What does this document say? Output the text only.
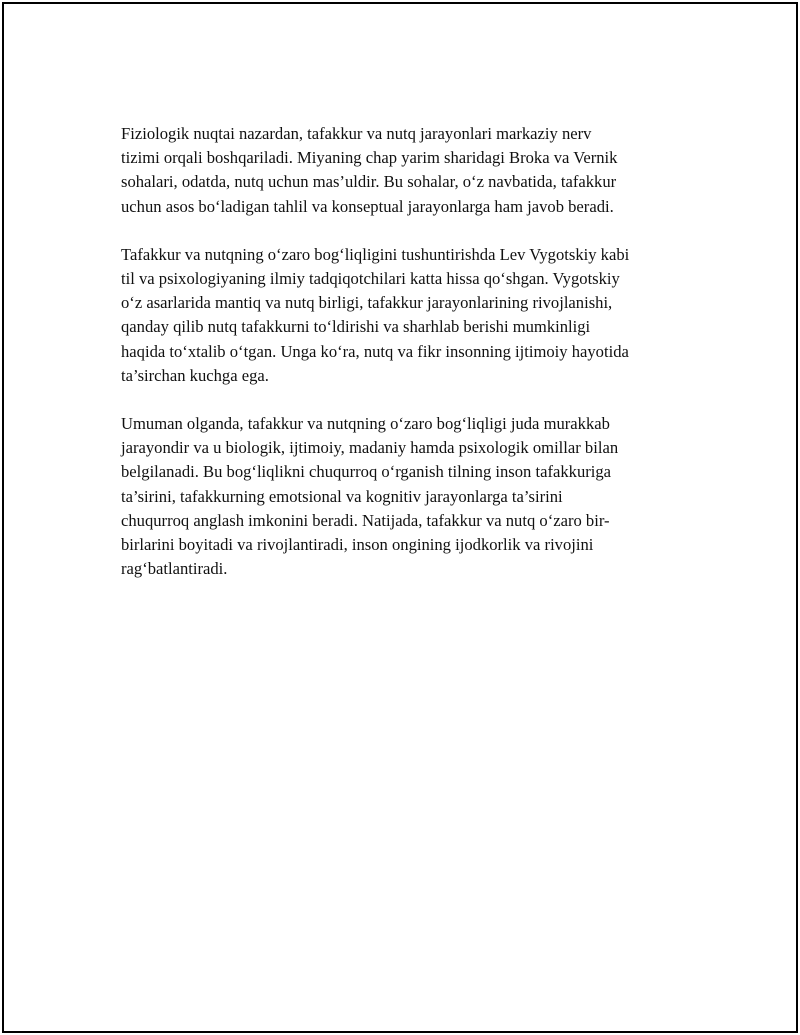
Fiziologik nuqtai nazardan, tafakkur va nutq jarayonlari markaziy nerv
tizimi orqali boshqariladi. Miyaning chap yarim sharidagi Broka va Vernik
sohalari, odatda, nutq uchun mas’uldir. Bu sohalar, o‘z navbatida, tafakkur
uchun asos bo‘ladigan tahlil va konseptual jarayonlarga ham javob beradi.

Tafakkur va nutqning o‘zaro bog‘liqligini tushuntirishda Lev Vygotskiy kabi
til va psixologiyaning ilmiy tadqiqotchilari katta hissa qo‘shgan. Vygotskiy
o‘z asarlarida mantiq va nutq birligi, tafakkur jarayonlarining rivojlanishi,
qanday qilib nutq tafakkurni to‘ldirishi va sharhlab berishi mumkinligi
haqida to‘xtalib o‘tgan. Unga ko‘ra, nutq va fikr insonning ijtimoiy hayotida
ta’sirchan kuchga ega.

Umuman olganda, tafakkur va nutqning o‘zaro bog‘liqligi juda murakkab
jarayondir va u biologik, ijtimoiy, madaniy hamda psixologik omillar bilan
belgilanadi. Bu bog‘liqlikni chuqurroq o‘rganish tilning inson tafakkuriga
ta’sirini, tafakkurning emotsional va kognitiv jarayonlarga ta’sirini
chuqurroq anglash imkonini beradi. Natijada, tafakkur va nutq o‘zaro bir-
birlarini boyitadi va rivojlantiradi, inson ongining ijodkorlik va rivojini
rag‘batlantiradi.
